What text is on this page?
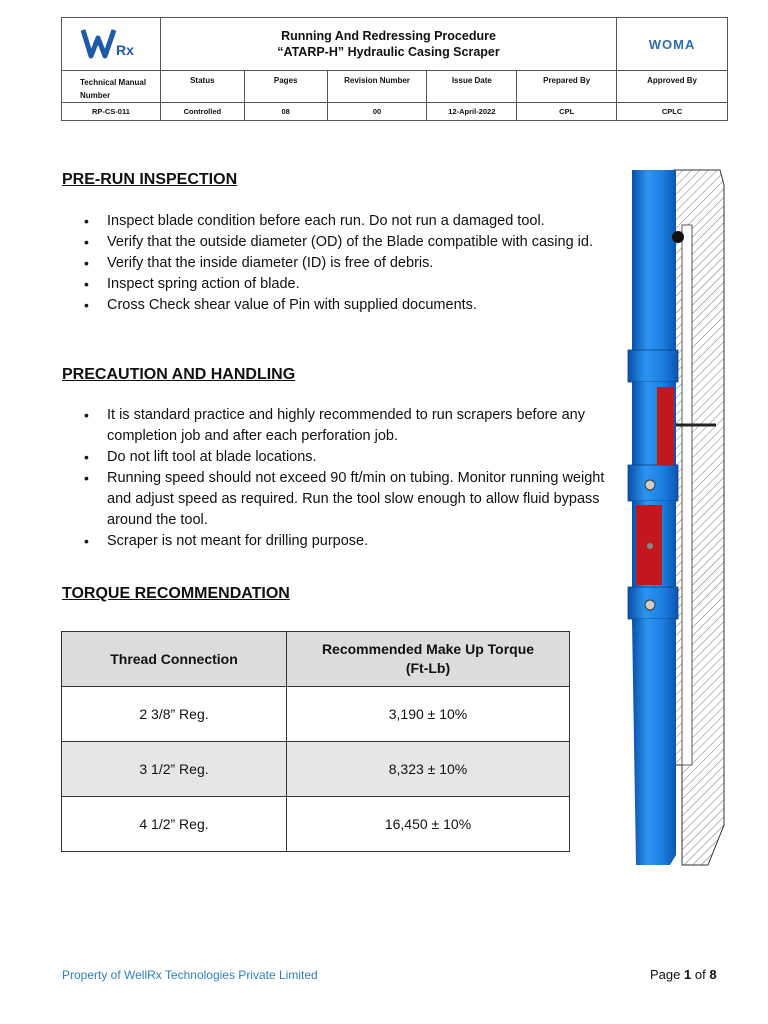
Rx	Running And Redressing Procedure
“ATARP-H” Hydraulic Casing Scraper					WOMA
Technical Manual Number	Status	Pages	Revision Number	Issue Date	Prepared By	Approved By
RP-CS-011	Controlled	08	00	12-April-2022	CPL	CPLC
PRE-RUN INSPECTION
• Inspect blade condition before each run. Do not run a damaged tool.
• Verify that the outside diameter (OD) of the Blade compatible with casing id.
• Verify that the inside diameter (ID) is free of debris.
• Inspect spring action of blade.
• Cross Check shear value of Pin with supplied documents.
PRECAUTION AND HANDLING
• It is standard practice and highly recommended to run scrapers before any completion job and after each perforation job.
• Do not lift tool at blade locations.
• Running speed should not exceed 90 ft/min on tubing. Monitor running weight and adjust speed as required. Run the tool slow enough to allow fluid bypass around the tool.
• Scraper is not meant for drilling purpose.
TORQUE RECOMMENDATION
Thread Connection	Recommended Make Up Torque
(Ft-Lb)

2 3/8” Reg.	3,190 ± 10%
3 1/2” Reg.	8,323 ± 10%
4 1/2” Reg.	16,450 ± 10%
Property of WellRx Technologies Private Limited	Page 1 of 8
